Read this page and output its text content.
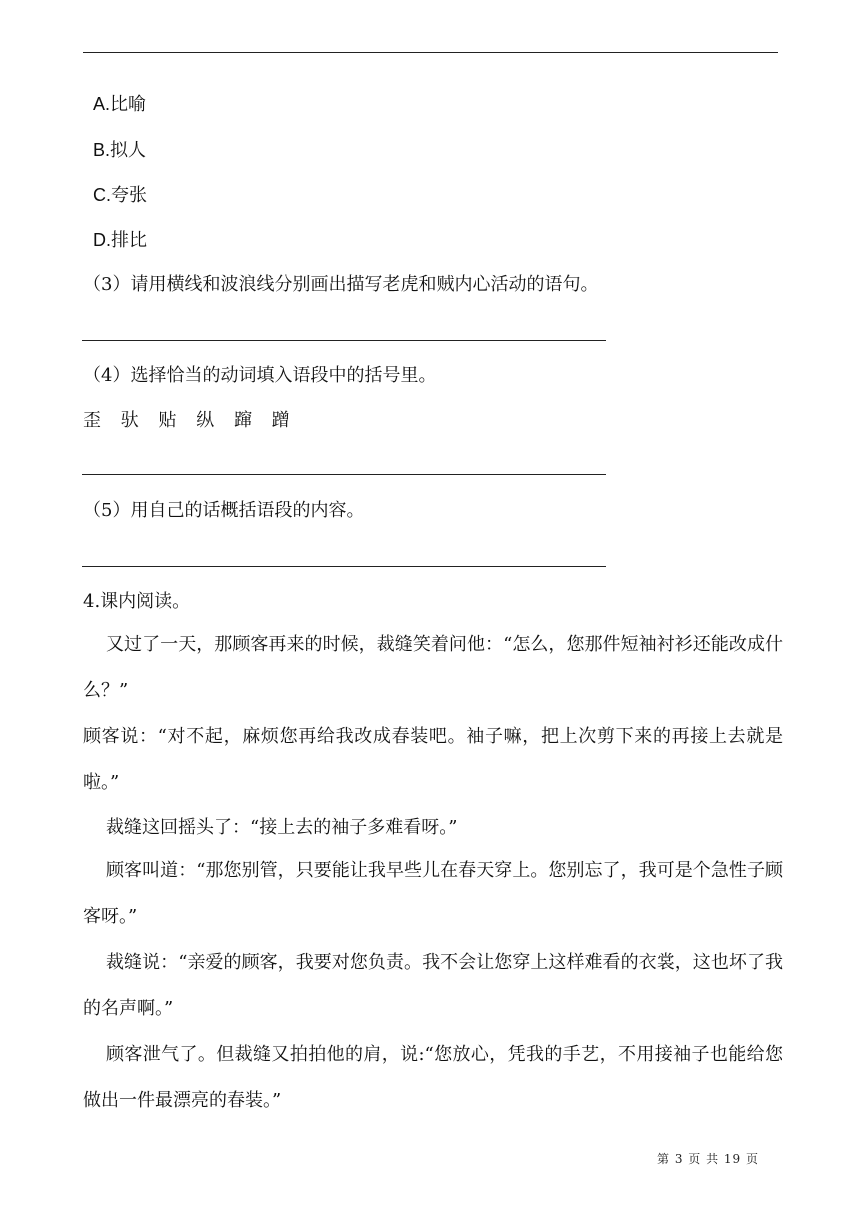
A.比喻
B.拟人
C.夸张
D.排比
（3）请用横线和波浪线分别画出描写老虎和贼内心活动的语句。
（4）选择恰当的动词填入语段中的括号里。
歪 驮 贴 纵 蹿 蹭
（5）用自己的话概括语段的内容。
4.课内阅读。
又过了一天，那顾客再来的时候，裁缝笑着问他：“怎么，您那件短袖衬衫还能改成什么？”
顾客说：“对不起，麻烦您再给我改成春装吧。袖子嘛，把上次剪下来的再接上去就是啦。”
裁缝这回摇头了：“接上去的袖子多难看呀。”
顾客叫道：“那您别管，只要能让我早些儿在春天穿上。您别忘了，我可是个急性子顾客呀。”
裁缝说：“亲爱的顾客，我要对您负责。我不会让您穿上这样难看的衣裳，这也坏了我的名声啊。”
顾客泄气了。但裁缝又拍拍他的肩，说:“您放心，凭我的手艺，不用接袖子也能给您做出一件最漂亮的春装。”
第 3 页 共 19 页
